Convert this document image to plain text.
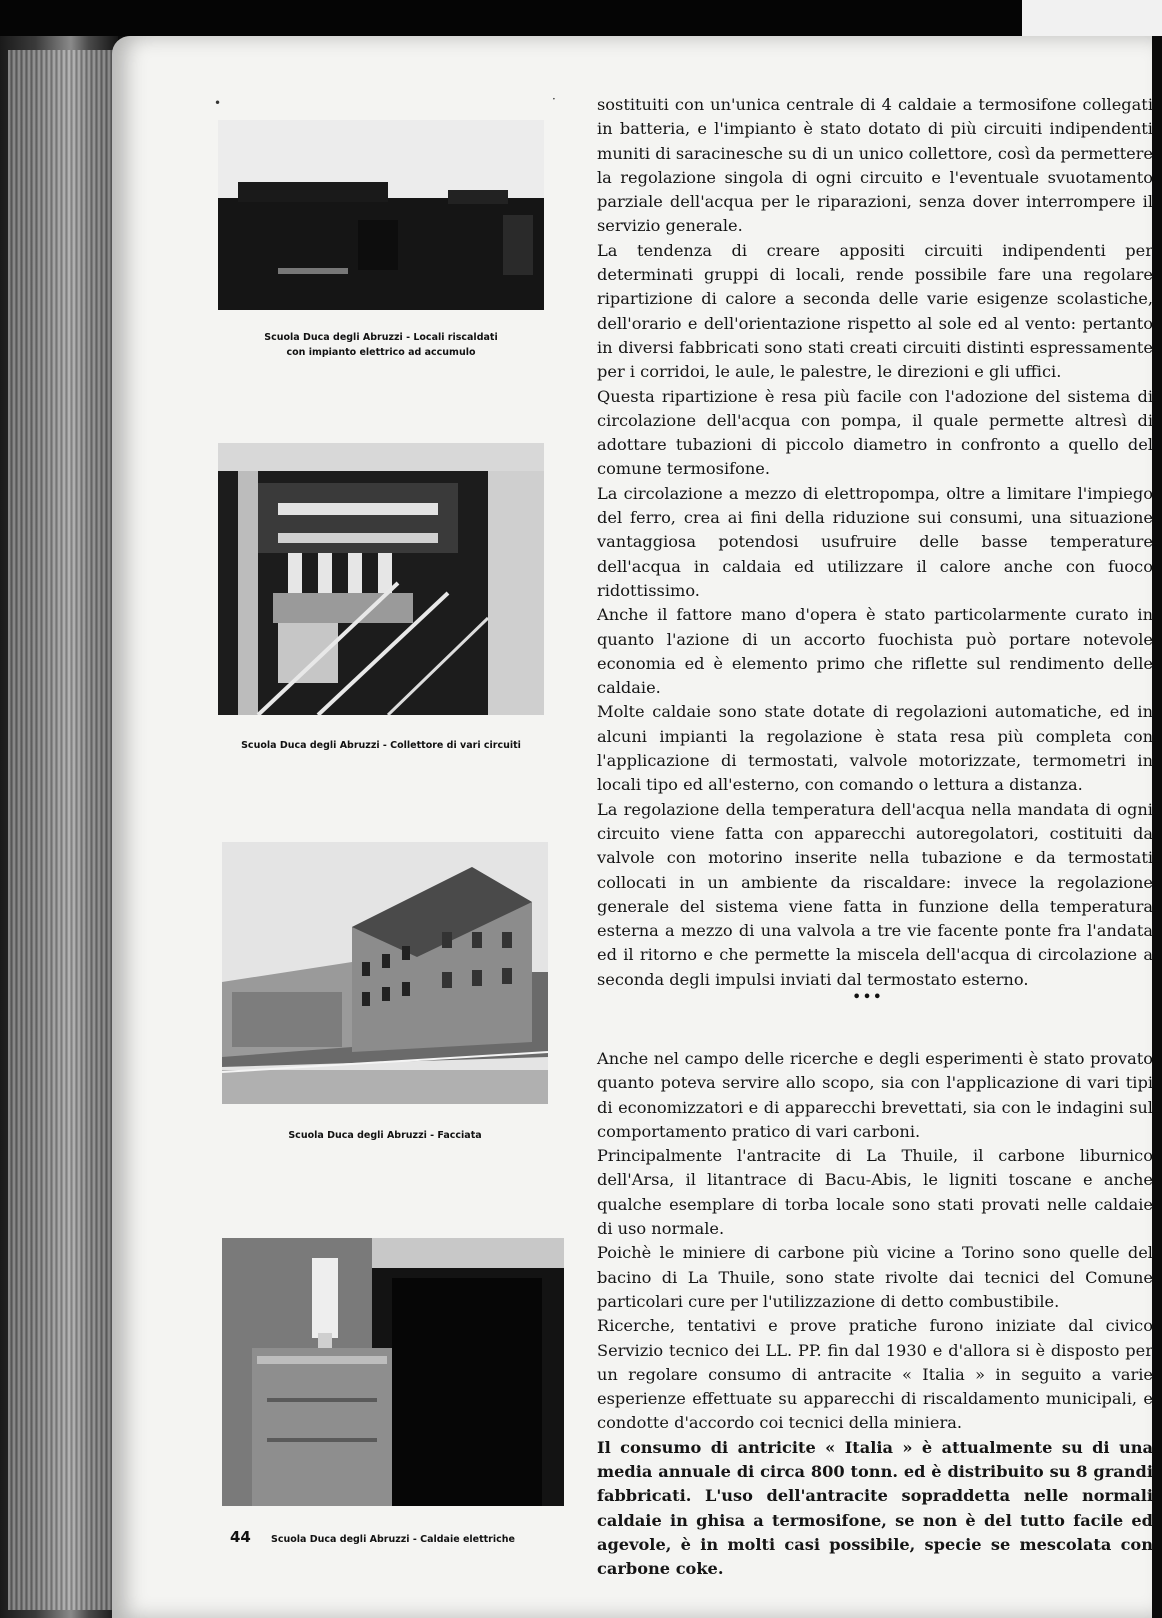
•	·
Scuola Duca degli Abruzzi - Locali riscaldati
con impianto elettrico ad accumulo
Scuola Duca degli Abruzzi - Collettore di vari circuiti
Scuola Duca degli Abruzzi - Facciata
Scuola Duca degli Abruzzi - Caldaie elettriche

sostituiti con un'unica centrale di 4 caldaie a termosifone collegati in batteria, e l'impianto è stato dotato di più circuiti indipendenti muniti di saracinesche su di un unico collettore, così da permettere la regolazione singola di ogni circuito e l'eventuale svuotamento parziale dell'acqua per le riparazioni, senza dover interrompere il servizio generale.

La tendenza di creare appositi circuiti indipendenti per determinati gruppi di locali, rende possibile fare una regolare ripartizione di calore a seconda delle varie esigenze scolastiche, dell'orario e dell'orientazione rispetto al sole ed al vento: pertanto in diversi fabbricati sono stati creati circuiti distinti espressamente per i corridoi, le aule, le palestre, le direzioni e gli uffici.

Questa ripartizione è resa più facile con l'adozione del sistema di circolazione dell'acqua con pompa, il quale permette altresì di adottare tubazioni di piccolo diametro in confronto a quello del comune termosifone.

La circolazione a mezzo di elettropompa, oltre a limitare l'impiego del ferro, crea ai fini della riduzione sui consumi, una situazione vantaggiosa potendosi usufruire delle basse temperature dell'acqua in caldaia ed utilizzare il calore anche con fuoco ridottissimo.

Anche il fattore mano d'opera è stato particolarmente curato in quanto l'azione di un accorto fuochista può portare notevole economia ed è elemento primo che riflette sul rendimento delle caldaie.

Molte caldaie sono state dotate di regolazioni automatiche, ed in alcuni impianti la regolazione è stata resa più completa con l'applicazione di termostati, valvole motorizzate, termometri in locali tipo ed all'esterno, con comando o lettura a distanza.

La regolazione della temperatura dell'acqua nella mandata di ogni circuito viene fatta con apparecchi autoregolatori, costituiti da valvole con motorino inserite nella tubazione e da termostati collocati in un ambiente da riscaldare: invece la regolazione generale del sistema viene fatta in funzione della temperatura esterna a mezzo di una valvola a tre vie facente ponte fra l'andata ed il ritorno e che permette la miscela dell'acqua di circolazione a seconda degli impulsi inviati dal termostato esterno.

•••

Anche nel campo delle ricerche e degli esperimenti è stato provato quanto poteva servire allo scopo, sia con l'applicazione di vari tipi di economizzatori e di apparecchi brevettati, sia con le indagini sul comportamento pratico di vari carboni.

Principalmente l'antracite di La Thuile, il carbone liburnico dell'Arsa, il litantrace di Bacu-Abis, le ligniti toscane e anche qualche esemplare di torba locale sono stati provati nelle caldaie di uso normale.

Poichè le miniere di carbone più vicine a Torino sono quelle del bacino di La Thuile, sono state rivolte dai tecnici del Comune particolari cure per l'utilizzazione di detto combustibile.

Ricerche, tentativi e prove pratiche furono iniziate dal civico Servizio tecnico dei LL. PP. fin dal 1930 e d'allora si è disposto per un regolare consumo di antracite « Italia » in seguito a varie esperienze effettuate su apparecchi di riscaldamento municipali, e condotte d'accordo coi tecnici della miniera.

Il consumo di antricite « Italia » è attualmente su di una media annuale di circa 800 tonn. ed è distribuito su 8 grandi fabbricati. L'uso dell'antracite sopraddetta nelle normali caldaie in ghisa a termosifone, se non è del tutto facile ed agevole, è in molti casi possibile, specie se mescolata con carbone coke.

44
